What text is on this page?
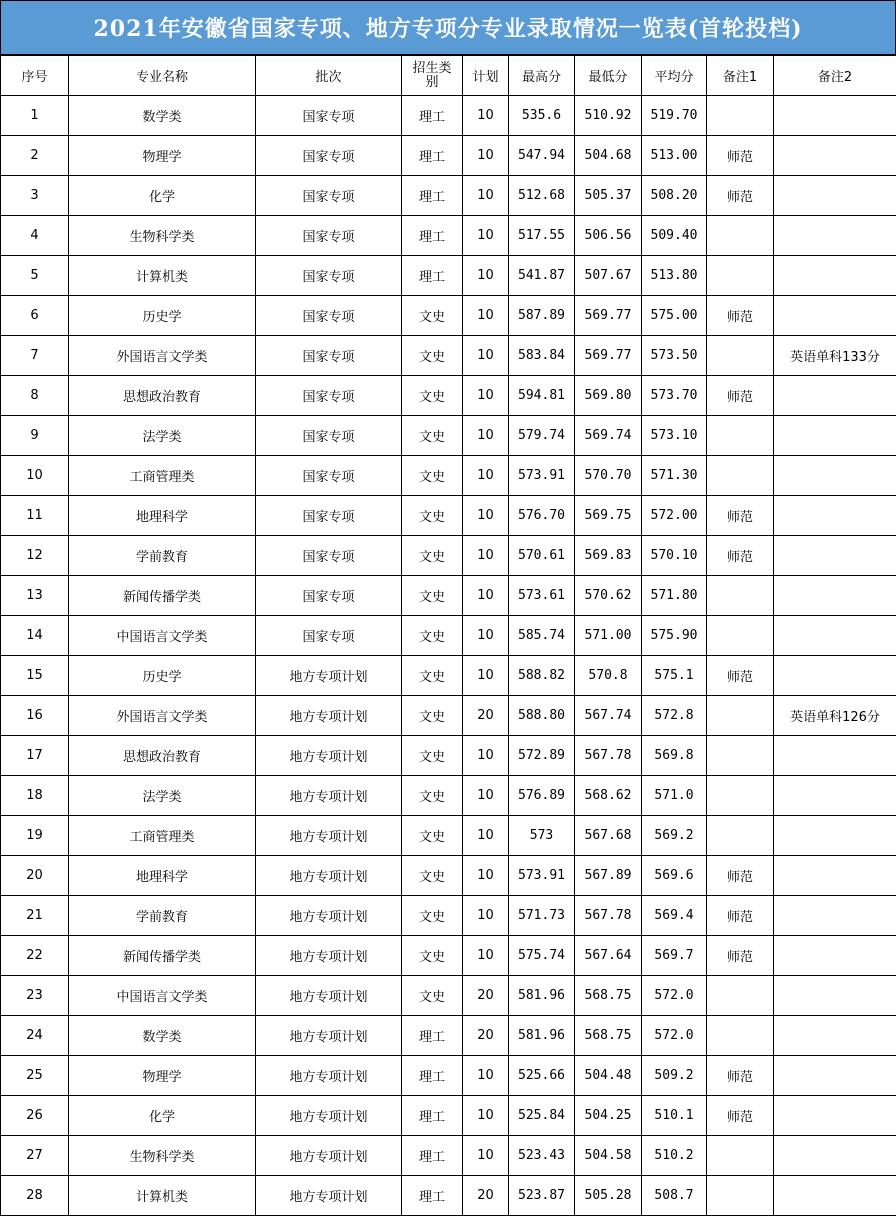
2021年安徽省国家专项、地方专项分专业录取情况一览表(首轮投档)
序号	专业名称	批次	招生类别	计划	最高分	最低分	平均分	备注1	备注2
1	数学类	国家专项	理工	10	535.6	510.92	519.70		
2	物理学	国家专项	理工	10	547.94	504.68	513.00	师范	
3	化学	国家专项	理工	10	512.68	505.37	508.20	师范	
4	生物科学类	国家专项	理工	10	517.55	506.56	509.40		
5	计算机类	国家专项	理工	10	541.87	507.67	513.80		
6	历史学	国家专项	文史	10	587.89	569.77	575.00	师范	
7	外国语言文学类	国家专项	文史	10	583.84	569.77	573.50		英语单科133分
8	思想政治教育	国家专项	文史	10	594.81	569.80	573.70	师范	
9	法学类	国家专项	文史	10	579.74	569.74	573.10		
10	工商管理类	国家专项	文史	10	573.91	570.70	571.30		
11	地理科学	国家专项	文史	10	576.70	569.75	572.00	师范	
12	学前教育	国家专项	文史	10	570.61	569.83	570.10	师范	
13	新闻传播学类	国家专项	文史	10	573.61	570.62	571.80		
14	中国语言文学类	国家专项	文史	10	585.74	571.00	575.90		
15	历史学	地方专项计划	文史	10	588.82	570.8	575.1	师范	
16	外国语言文学类	地方专项计划	文史	20	588.80	567.74	572.8		英语单科126分
17	思想政治教育	地方专项计划	文史	10	572.89	567.78	569.8		
18	法学类	地方专项计划	文史	10	576.89	568.62	571.0		
19	工商管理类	地方专项计划	文史	10	573	567.68	569.2		
20	地理科学	地方专项计划	文史	10	573.91	567.89	569.6	师范	
21	学前教育	地方专项计划	文史	10	571.73	567.78	569.4	师范	
22	新闻传播学类	地方专项计划	文史	10	575.74	567.64	569.7	师范	
23	中国语言文学类	地方专项计划	文史	20	581.96	568.75	572.0		
24	数学类	地方专项计划	理工	20	581.96	568.75	572.0		
25	物理学	地方专项计划	理工	10	525.66	504.48	509.2	师范	
26	化学	地方专项计划	理工	10	525.84	504.25	510.1	师范	
27	生物科学类	地方专项计划	理工	10	523.43	504.58	510.2		
28	计算机类	地方专项计划	理工	20	523.87	505.28	508.7		
